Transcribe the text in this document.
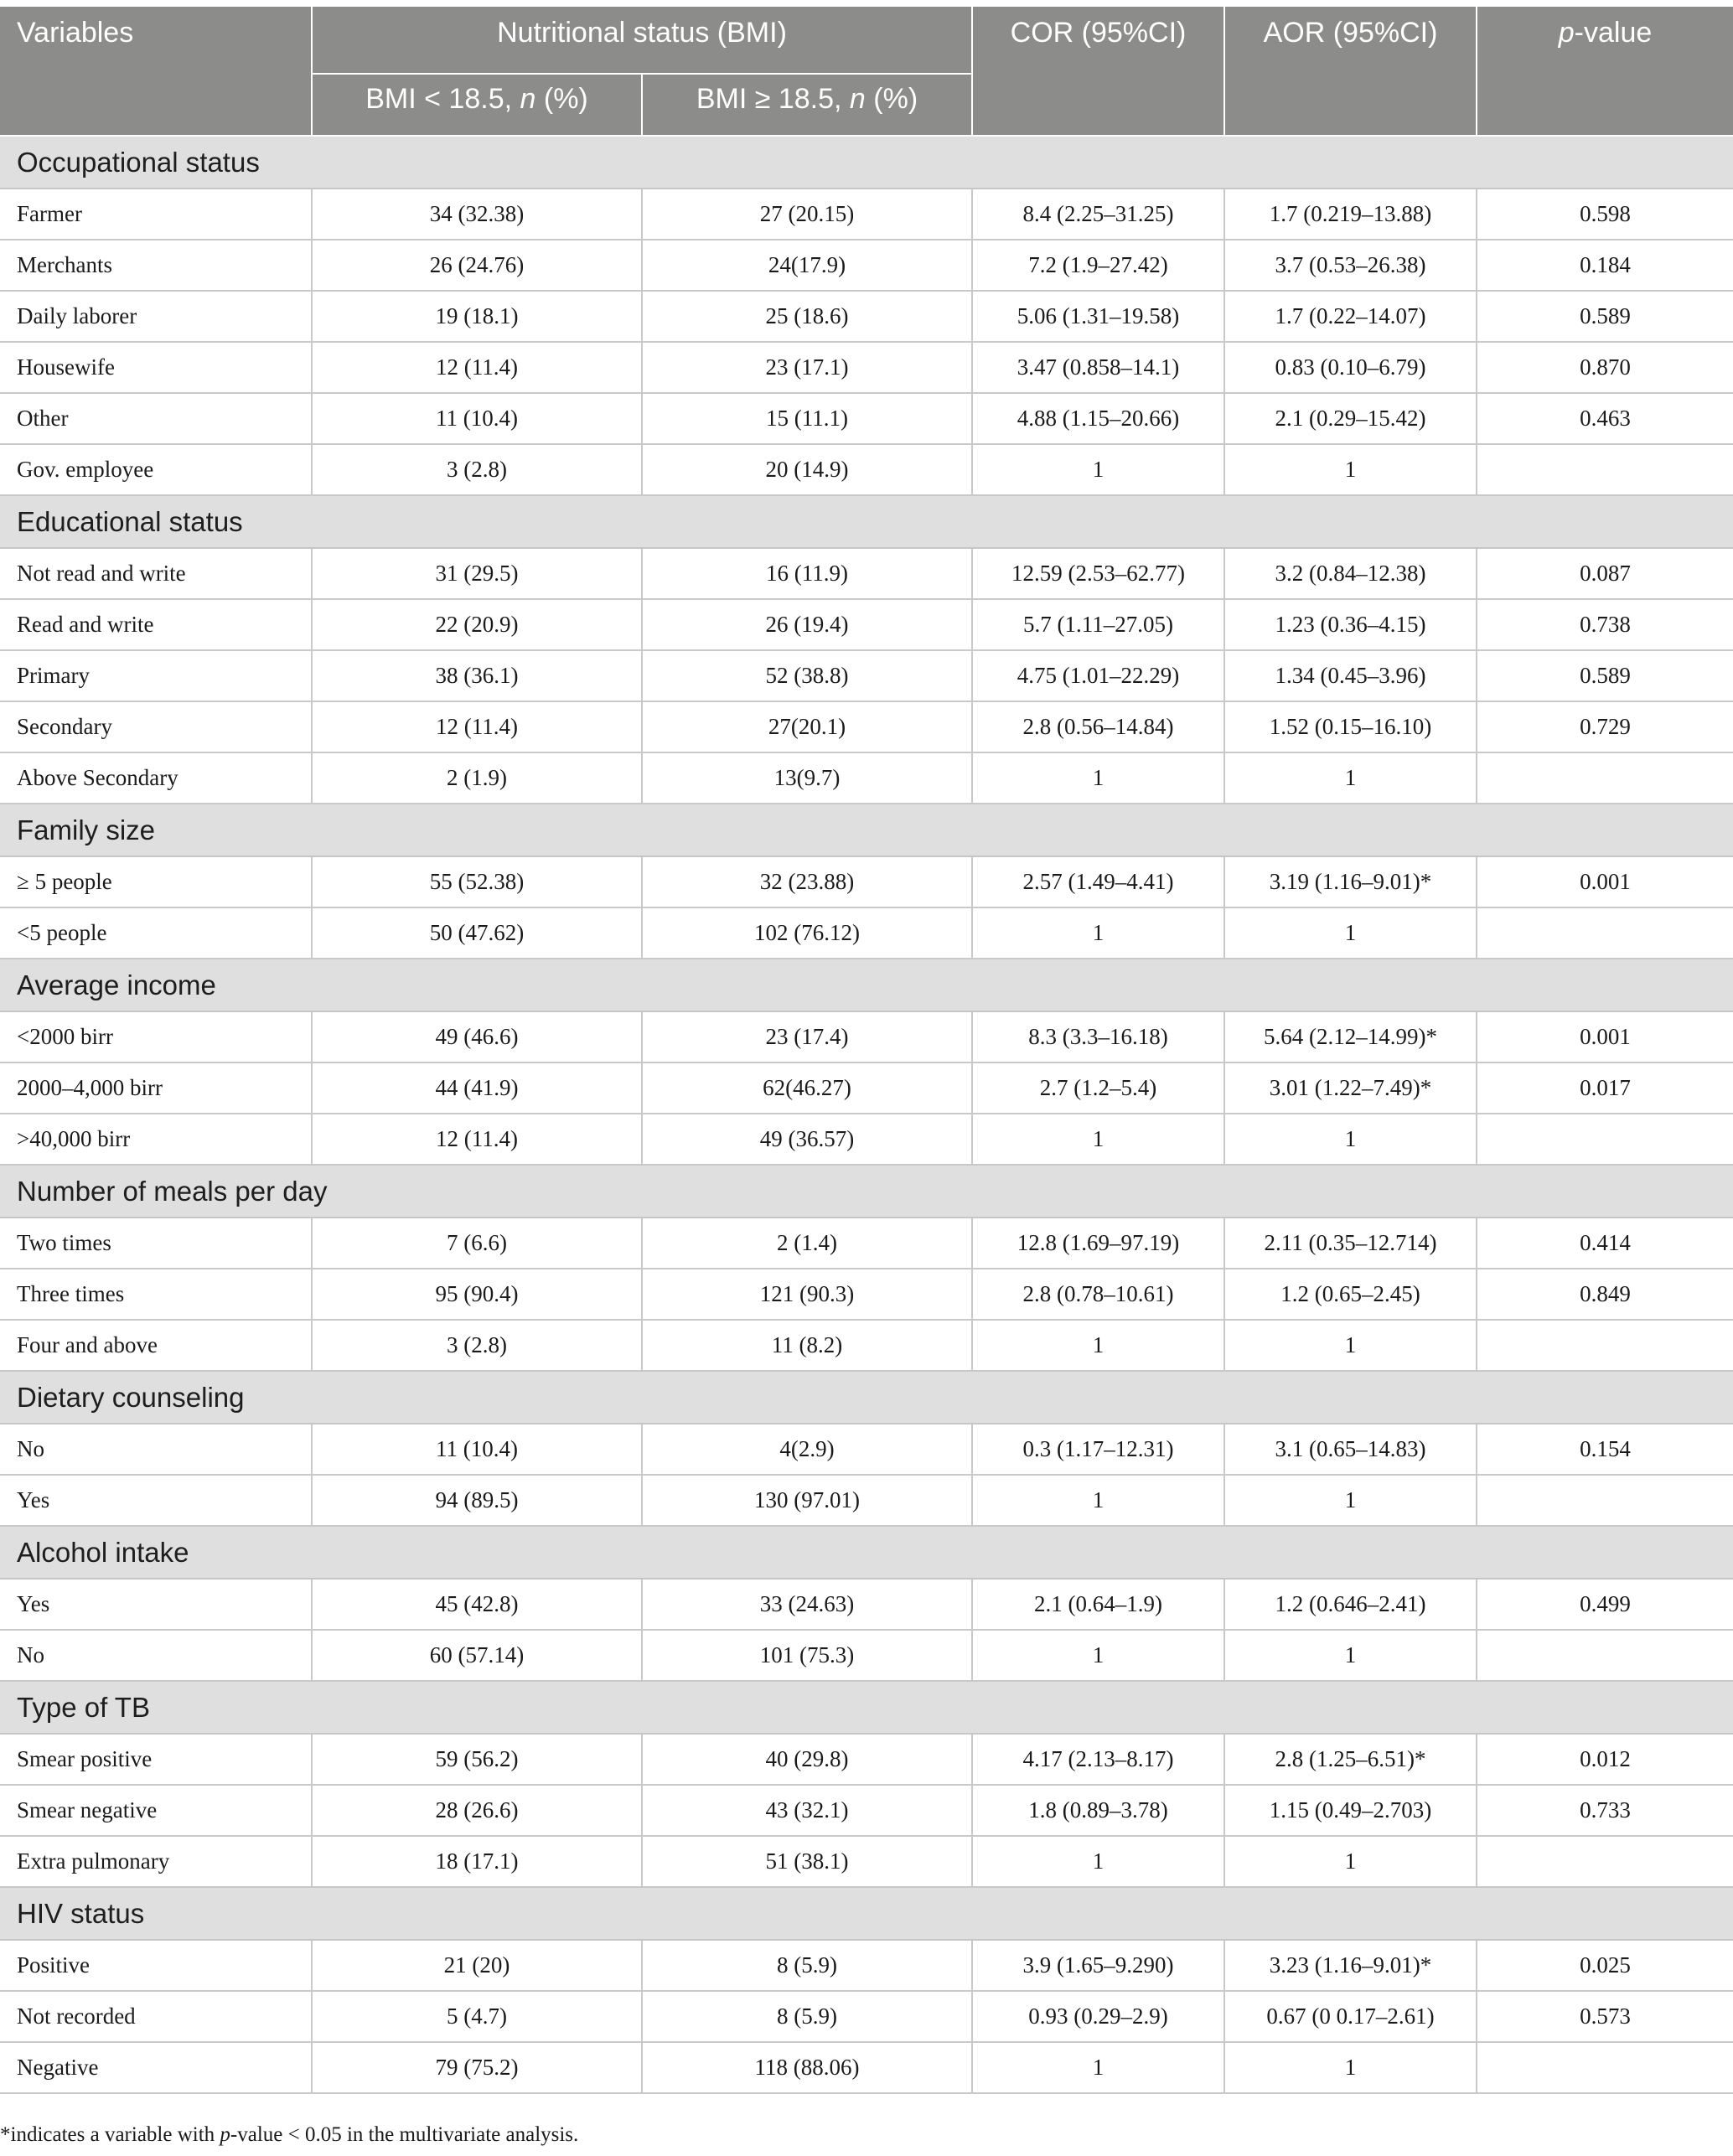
Variables	Nutritional status (BMI)		COR (95%CI)	AOR (95%CI)	p-value
	BMI < 18.5, n (%)	BMI ≥ 18.5, n (%)			
Occupational status					
Farmer	34 (32.38)	27 (20.15)	8.4 (2.25–31.25)	1.7 (0.219–13.88)	0.598
Merchants	26 (24.76)	24(17.9)	7.2 (1.9–27.42)	3.7 (0.53–26.38)	0.184
Daily laborer	19 (18.1)	25 (18.6)	5.06 (1.31–19.58)	1.7 (0.22–14.07)	0.589
Housewife	12 (11.4)	23 (17.1)	3.47 (0.858–14.1)	0.83 (0.10–6.79)	0.870
Other	11 (10.4)	15 (11.1)	4.88 (1.15–20.66)	2.1 (0.29–15.42)	0.463
Gov. employee	3 (2.8)	20 (14.9)	1	1	
Educational status					
Not read and write	31 (29.5)	16 (11.9)	12.59 (2.53–62.77)	3.2 (0.84–12.38)	0.087
Read and write	22 (20.9)	26 (19.4)	5.7 (1.11–27.05)	1.23 (0.36–4.15)	0.738
Primary	38 (36.1)	52 (38.8)	4.75 (1.01–22.29)	1.34 (0.45–3.96)	0.589
Secondary	12 (11.4)	27(20.1)	2.8 (0.56–14.84)	1.52 (0.15–16.10)	0.729
Above Secondary	2 (1.9)	13(9.7)	1	1	
Family size					
≥ 5 people	55 (52.38)	32 (23.88)	2.57 (1.49–4.41)	3.19 (1.16–9.01)*	0.001
<5 people	50 (47.62)	102 (76.12)	1	1	
Average income					
<2000 birr	49 (46.6)	23 (17.4)	8.3 (3.3–16.18)	5.64 (2.12–14.99)*	0.001
2000–4,000 birr	44 (41.9)	62(46.27)	2.7 (1.2–5.4)	3.01 (1.22–7.49)*	0.017
>40,000 birr	12 (11.4)	49 (36.57)	1	1	
Number of meals per day					
Two times	7 (6.6)	2 (1.4)	12.8 (1.69–97.19)	2.11 (0.35–12.714)	0.414
Three times	95 (90.4)	121 (90.3)	2.8 (0.78–10.61)	1.2 (0.65–2.45)	0.849
Four and above	3 (2.8)	11 (8.2)	1	1	
Dietary counseling					
No	11 (10.4)	4(2.9)	0.3 (1.17–12.31)	3.1 (0.65–14.83)	0.154
Yes	94 (89.5)	130 (97.01)	1	1	
Alcohol intake					
Yes	45 (42.8)	33 (24.63)	2.1 (0.64–1.9)	1.2 (0.646–2.41)	0.499
No	60 (57.14)	101 (75.3)	1	1	
Type of TB					
Smear positive	59 (56.2)	40 (29.8)	4.17 (2.13–8.17)	2.8 (1.25–6.51)*	0.012
Smear negative	28 (26.6)	43 (32.1)	1.8 (0.89–3.78)	1.15 (0.49–2.703)	0.733
Extra pulmonary	18 (17.1)	51 (38.1)	1	1	
HIV status					
Positive	21 (20)	8 (5.9)	3.9 (1.65–9.290)	3.23 (1.16–9.01)*	0.025
Not recorded	5 (4.7)	8 (5.9)	0.93 (0.29–2.9)	0.67 (0 0.17–2.61)	0.573
Negative	79 (75.2)	118 (88.06)	1	1	
*indicates a variable with p-value < 0.05 in the multivariate analysis.
